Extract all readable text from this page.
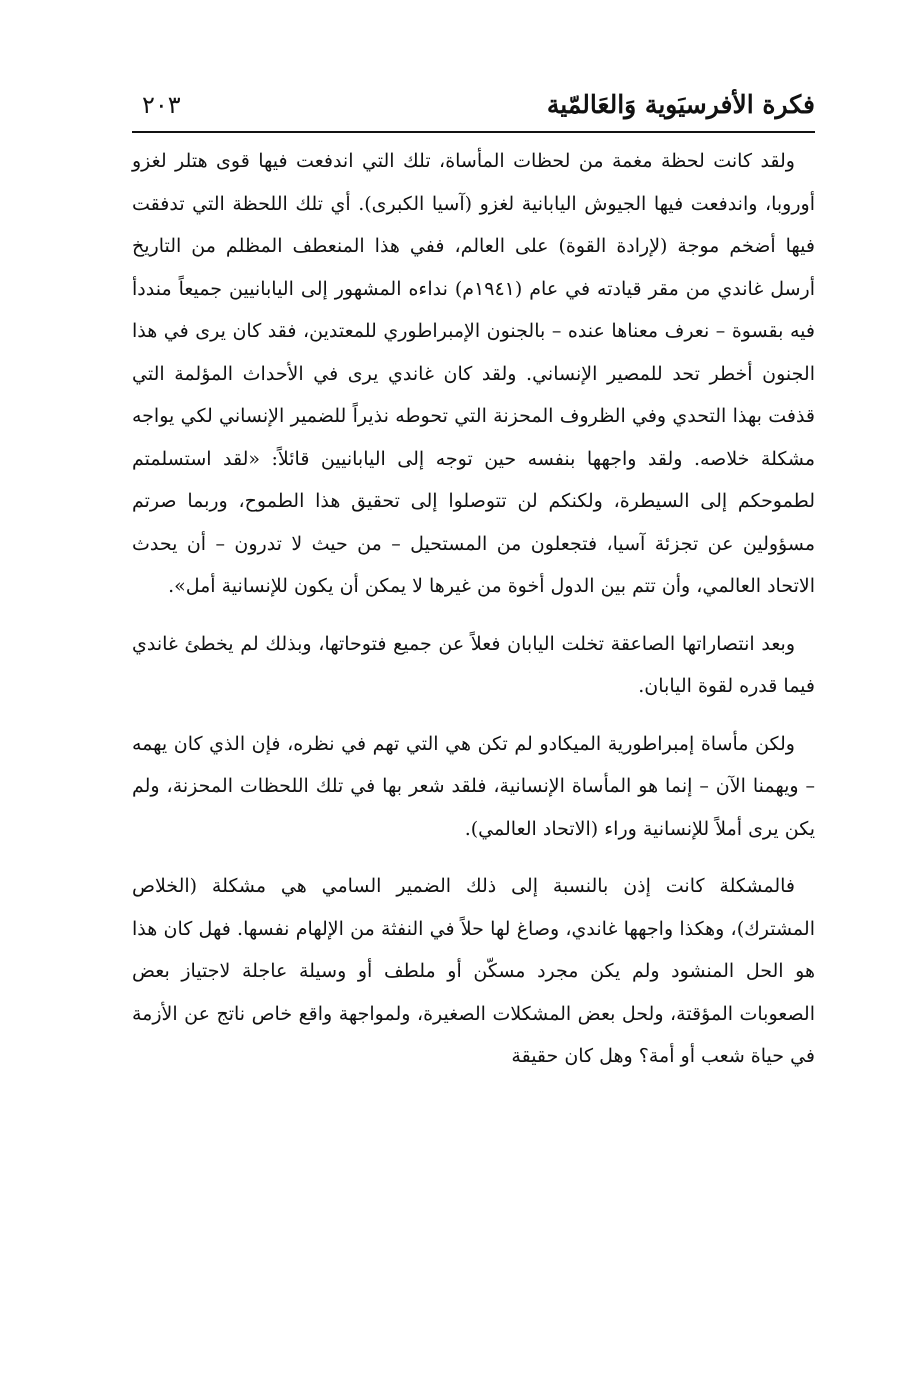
فكرة الأفرسيَوية وَالعَالمّية
٢٠٣

ولقد كانت لحظة مغمة من لحظات المأساة، تلك التي اندفعت فيها قوى هتلر لغزو أوروبا، واندفعت فيها الجيوش اليابانية لغزو (آسيا الكبرى). أي تلك اللحظة التي تدفقت فيها أضخم موجة (لإرادة القوة) على العالم، ففي هذا المنعطف المظلم من التاريخ أرسل غاندي من مقر قيادته في عام (١٩٤١م) نداءه المشهور إلى اليابانيين جميعاً منددأ فيه بقسوة – نعرف معناها عنده – بالجنون الإمبراطوري للمعتدين، فقد كان يرى في هذا الجنون أخطر تحد للمصير الإنساني. ولقد كان غاندي يرى في الأحداث المؤلمة التي قذفت بهذا التحدي وفي الظروف المحزنة التي تحوطه نذيراً للضمير الإنساني لكي يواجه مشكلة خلاصه. ولقد واجهها بنفسه حين توجه إلى اليابانيين قائلاً: «لقد استسلمتم لطموحكم إلى السيطرة، ولكنكم لن تتوصلوا إلى تحقيق هذا الطموح، وربما صرتم مسؤولين عن تجزئة آسيا، فتجعلون من المستحيل – من حيث لا تدرون – أن يحدث الاتحاد العالمي، وأن تتم بين الدول أخوة من غيرها لا يمكن أن يكون للإنسانية أمل».

وبعد انتصاراتها الصاعقة تخلت اليابان فعلاً عن جميع فتوحاتها، وبذلك لم يخطئ غاندي فيما قدره لقوة اليابان.

ولكن مأساة إمبراطورية الميكادو لم تكن هي التي تهم في نظره، فإن الذي كان يهمه – ويهمنا الآن – إنما هو المأساة الإنسانية، فلقد شعر بها في تلك اللحظات المحزنة، ولم يكن يرى أملاً للإنسانية وراء (الاتحاد العالمي).

فالمشكلة كانت إذن بالنسبة إلى ذلك الضمير السامي هي مشكلة (الخلاص المشترك)، وهكذا واجهها غاندي، وصاغ لها حلاً في النفثة من الإلهام نفسها. فهل كان هذا هو الحل المنشود ولم يكن مجرد مسكّن أو ملطف أو وسيلة عاجلة لاجتياز بعض الصعوبات المؤقتة، ولحل بعض المشكلات الصغيرة، ولمواجهة واقع خاص ناتج عن الأزمة في حياة شعب أو أمة؟ وهل كان حقيقة
